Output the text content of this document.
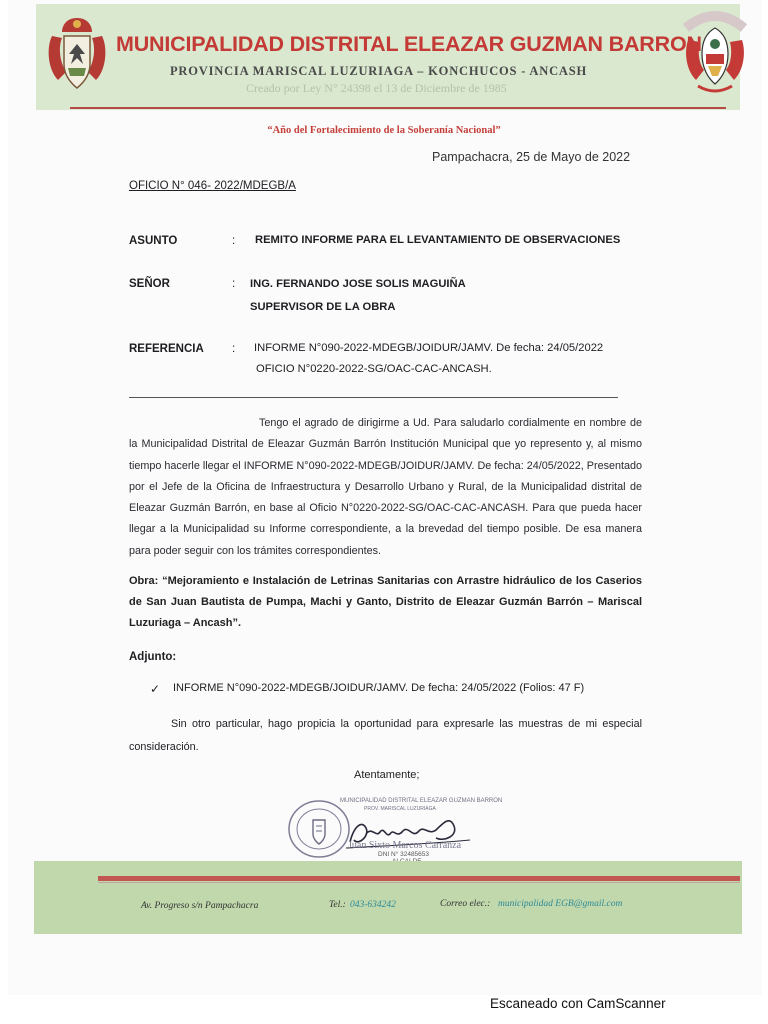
MUNICIPALIDAD DISTRITAL ELEAZAR GUZMAN BARRON
PROVINCIA MARISCAL LUZURIAGA – KONCHUCOS - ANCASH
Creado por Ley N° 24398 el 13 de Diciembre de 1985
“Año del Fortalecimiento de la Soberanía Nacional”
Pampachacra, 25 de Mayo de 2022
OFICIO N° 046- 2022/MDEGB/A
ASUNTO	: REMITO INFORME PARA EL LEVANTAMIENTO DE OBSERVACIONES
SEÑOR	: ING. FERNANDO JOSE SOLIS MAGUIÑA
SUPERVISOR DE LA OBRA
REFERENCIA : INFORME N°090-2022-MDEGB/JOIDUR/JAMV. De fecha: 24/05/2022
OFICIO N°0220-2022-SG/OAC-CAC-ANCASH.
Tengo el agrado de dirigirme a Ud. Para saludarlo cordialmente en nombre de la Municipalidad Distrital de Eleazar Guzmán Barrón Institución Municipal que yo represento y, al mismo tiempo hacerle llegar el INFORME N°090-2022-MDEGB/JOIDUR/JAMV. De fecha: 24/05/2022, Presentado por el Jefe de la Oficina de Infraestructura y Desarrollo Urbano y Rural, de la Municipalidad distrital de Eleazar Guzmán Barrón, en base al Oficio N°0220-2022-SG/OAC-CAC-ANCASH. Para que pueda hacer llegar a la Municipalidad su Informe correspondiente, a la brevedad del tiempo posible. De esa manera para poder seguir con los trámites correspondientes.
Obra: “Mejoramiento e Instalación de Letrinas Sanitarias con Arrastre hidráulico de los Caserios de San Juan Bautista de Pumpa, Machi y Ganto, Distrito de Eleazar Guzmán Barrón – Mariscal Luzuriaga – Ancash”.
Adjunto:
✓ INFORME N°090-2022-MDEGB/JOIDUR/JAMV. De fecha: 24/05/2022 (Folios: 47 F)
Sin otro particular, hago propicia la oportunidad para expresarle las muestras de mi especial consideración.
Atentamente;
MUNICIPALIDAD DISTRITAL ELEAZAR GUZMAN BARRON
PROV. MARISCAL LUZURIAGA
Juan Sixto Marcos Carranza
DNI N° 32485653
Av. Progreso s/n Pampachacra	Tel.: 043-634242	Correo elec.: municipalidad EGB@gmail.com
Escaneado con CamScanner
